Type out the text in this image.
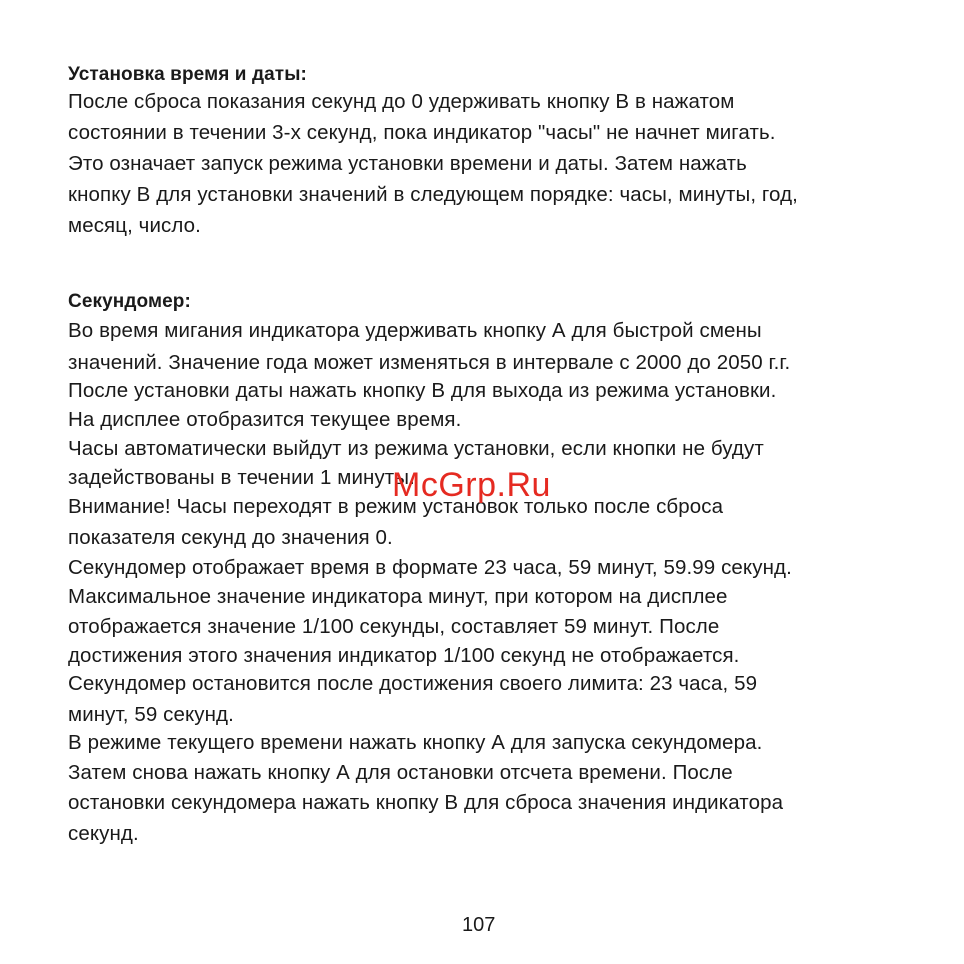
Установка время и даты:
После сброса показания секунд до 0 удерживать кнопку В в нажатом
состоянии в течении 3-х секунд, пока индикатор "часы" не начнет мигать.
Это означает запуск режима установки времени и даты. Затем нажать
кнопку В для установки значений в следующем порядке: часы, минуты, год,
месяц, число.
Секундомер:
Во время мигания индикатора удерживать кнопку А для быстрой смены
значений. Значение года может изменяться в интервале с 2000 до 2050 г.г.
После установки даты нажать кнопку В для выхода из режима установки.
На дисплее отобразится текущее время.
Часы автоматически выйдут из режима установки, если кнопки не будут
задействованы в течении 1 минуты.
Внимание! Часы переходят в режим установок только после сброса
показателя секунд до значения 0.
Секундомер отображает время в формате 23 часа, 59 минут, 59.99 секунд.
Максимальное значение индикатора минут, при котором на дисплее
отображается значение 1/100 секунды, составляет 59 минут. После
достижения этого значения индикатор 1/100 секунд не отображается.
Секундомер остановится после достижения своего лимита: 23 часа, 59
минут, 59 секунд.
В режиме текущего времени нажать кнопку А для запуска секундомера.
Затем снова нажать кнопку А для остановки отсчета времени. После
остановки секундомера нажать кнопку В для сброса значения индикатора
секунд.
McGrp.Ru
107
